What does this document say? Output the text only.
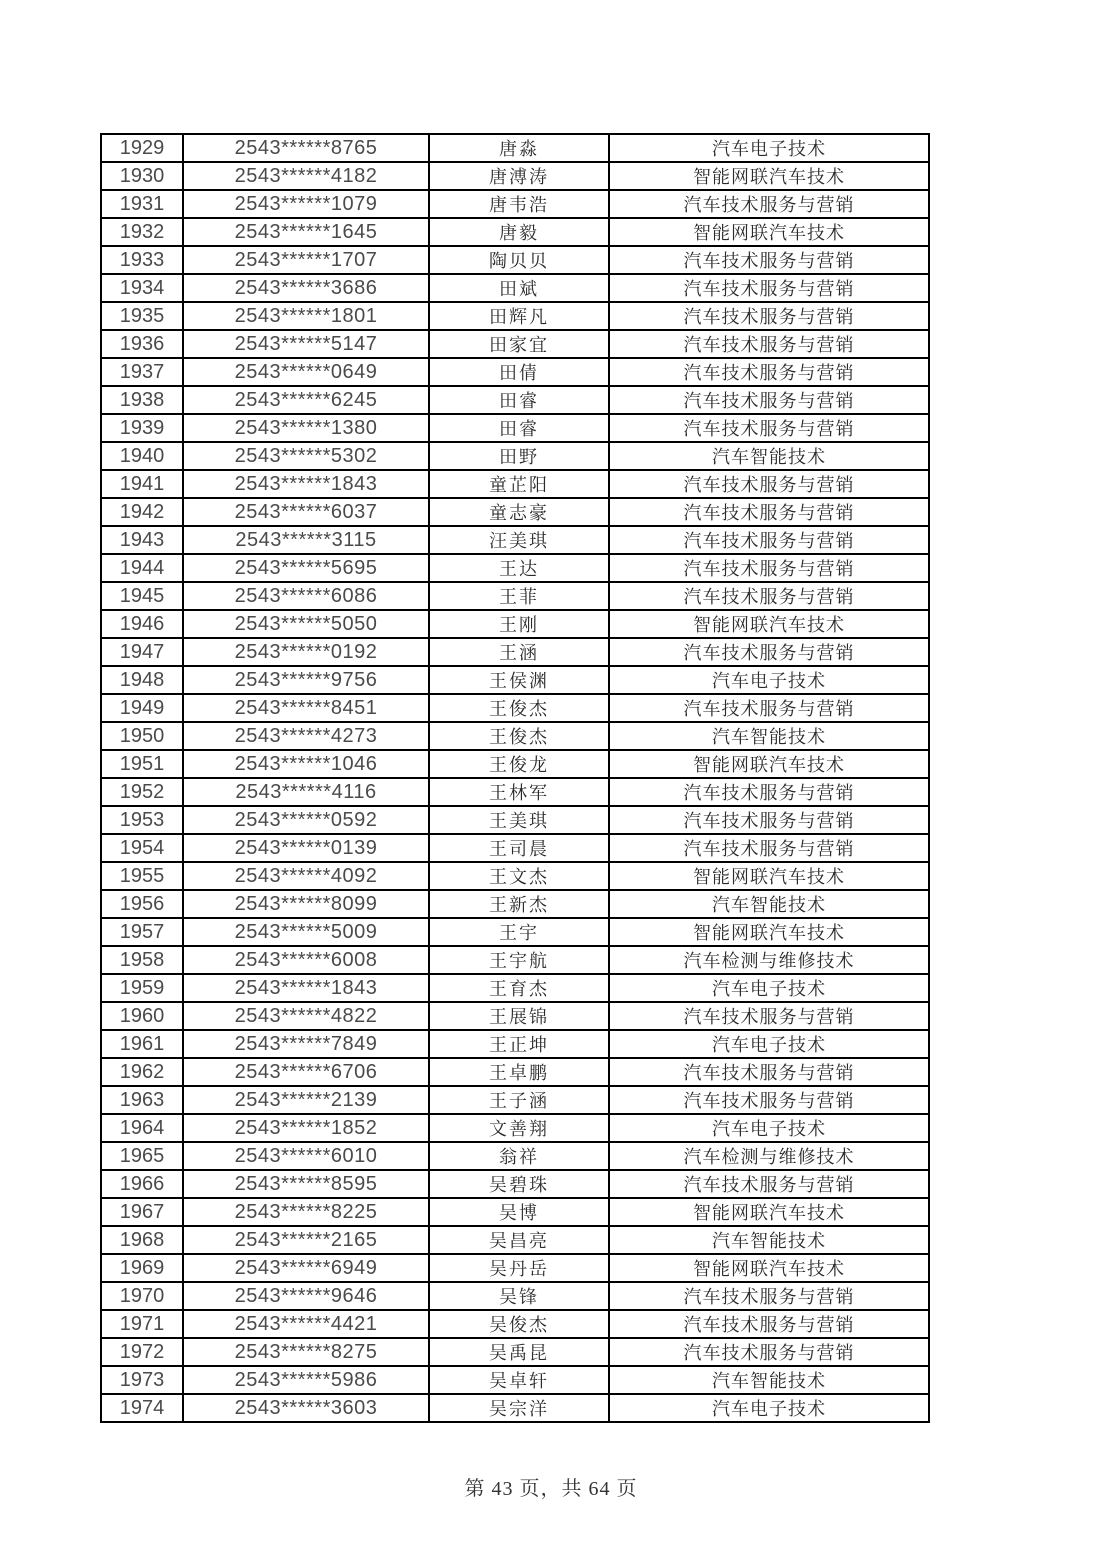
1929	2543******8765	唐淼	汽车电子技术
1930	2543******4182	唐溥涛	智能网联汽车技术
1931	2543******1079	唐韦浩	汽车技术服务与营销
1932	2543******1645	唐毅	智能网联汽车技术
1933	2543******1707	陶贝贝	汽车技术服务与营销
1934	2543******3686	田斌	汽车技术服务与营销
1935	2543******1801	田辉凡	汽车技术服务与营销
1936	2543******5147	田家宜	汽车技术服务与营销
1937	2543******0649	田倩	汽车技术服务与营销
1938	2543******6245	田睿	汽车技术服务与营销
1939	2543******1380	田睿	汽车技术服务与营销
1940	2543******5302	田野	汽车智能技术
1941	2543******1843	童芷阳	汽车技术服务与营销
1942	2543******6037	童志豪	汽车技术服务与营销
1943	2543******3115	汪美琪	汽车技术服务与营销
1944	2543******5695	王达	汽车技术服务与营销
1945	2543******6086	王菲	汽车技术服务与营销
1946	2543******5050	王刚	智能网联汽车技术
1947	2543******0192	王涵	汽车技术服务与营销
1948	2543******9756	王侯渊	汽车电子技术
1949	2543******8451	王俊杰	汽车技术服务与营销
1950	2543******4273	王俊杰	汽车智能技术
1951	2543******1046	王俊龙	智能网联汽车技术
1952	2543******4116	王林军	汽车技术服务与营销
1953	2543******0592	王美琪	汽车技术服务与营销
1954	2543******0139	王司晨	汽车技术服务与营销
1955	2543******4092	王文杰	智能网联汽车技术
1956	2543******8099	王新杰	汽车智能技术
1957	2543******5009	王宇	智能网联汽车技术
1958	2543******6008	王宇航	汽车检测与维修技术
1959	2543******1843	王育杰	汽车电子技术
1960	2543******4822	王展锦	汽车技术服务与营销
1961	2543******7849	王正坤	汽车电子技术
1962	2543******6706	王卓鹏	汽车技术服务与营销
1963	2543******2139	王子涵	汽车技术服务与营销
1964	2543******1852	文善翔	汽车电子技术
1965	2543******6010	翁祥	汽车检测与维修技术
1966	2543******8595	吴碧珠	汽车技术服务与营销
1967	2543******8225	吴博	智能网联汽车技术
1968	2543******2165	吴昌亮	汽车智能技术
1969	2543******6949	吴丹岳	智能网联汽车技术
1970	2543******9646	吴锋	汽车技术服务与营销
1971	2543******4421	吴俊杰	汽车技术服务与营销
1972	2543******8275	吴禹昆	汽车技术服务与营销
1973	2543******5986	吴卓轩	汽车智能技术
1974	2543******3603	吴宗洋	汽车电子技术
第 43 页，共 64 页
